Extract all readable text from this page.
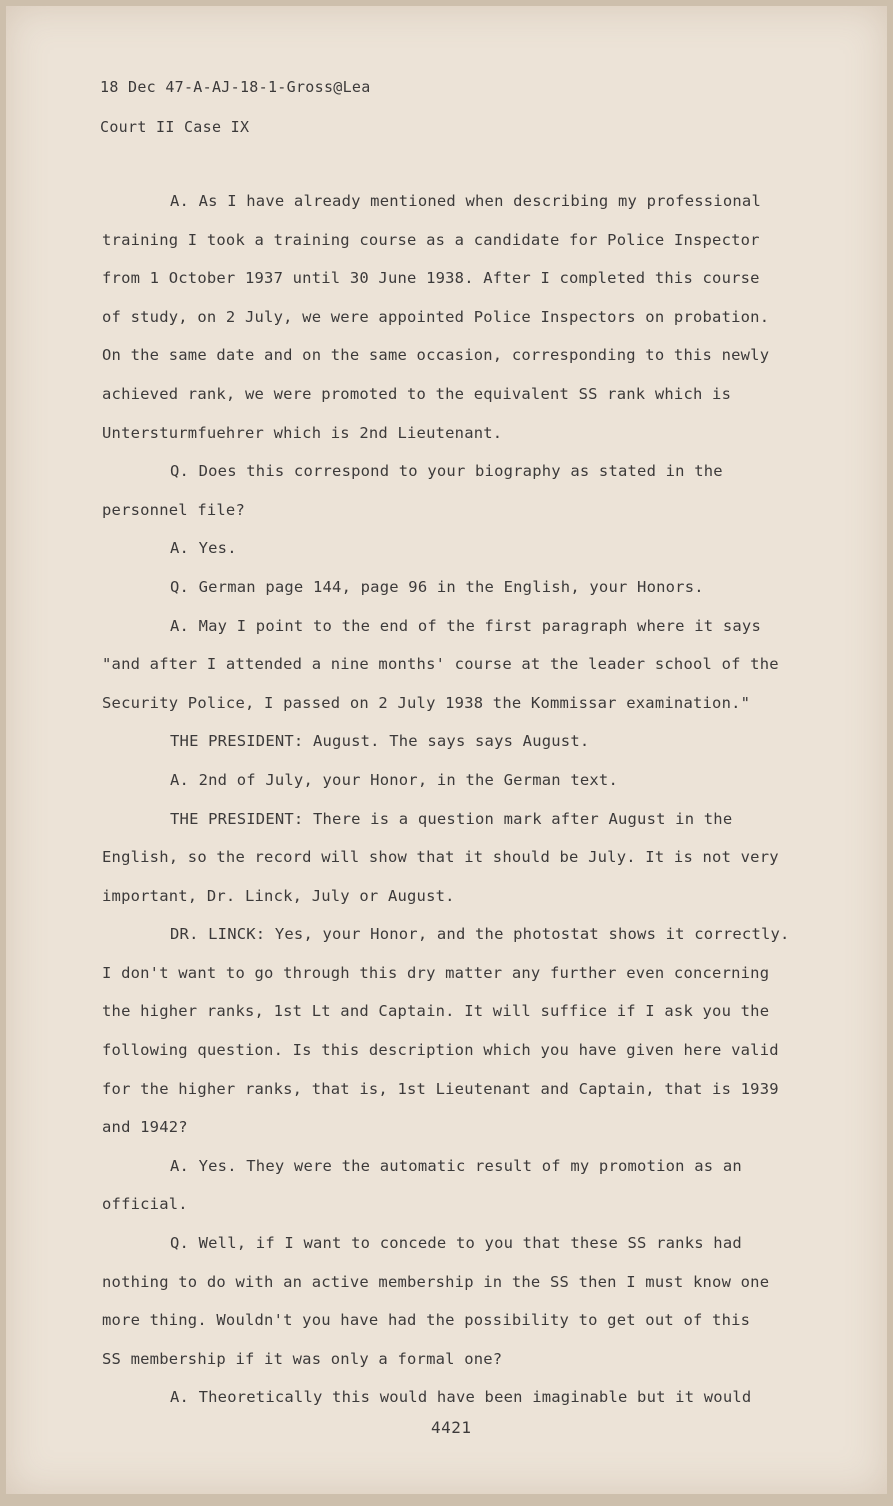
18 Dec 47-A-AJ-18-1-Gross@Lea
Court II Case IX
A. As I have already mentioned when describing my professional
training I took a training course as a candidate for Police Inspector
from 1 October 1937 until 30 June 1938. After I completed this course
of study, on 2 July, we were appointed Police Inspectors on probation.
On the same date and on the same occasion, corresponding to this newly
achieved rank, we were promoted to the equivalent SS rank which is
Untersturmfuehrer which is 2nd Lieutenant.
Q. Does this correspond to your biography as stated in the
personnel file?
A. Yes.
Q. German page 144, page 96 in the English, your Honors.
A. May I point to the end of the first paragraph where it says
"and after I attended a nine months' course at the leader school of the
Security Police, I passed on 2 July 1938 the Kommissar examination."
THE PRESIDENT: August. The says says August.
A. 2nd of July, your Honor, in the German text.
THE PRESIDENT: There is a question mark after August in the
English, so the record will show that it should be July. It is not very
important, Dr. Linck, July or August.
DR. LINCK: Yes, your Honor, and the photostat shows it correctly.
I don't want to go through this dry matter any further even concerning
the higher ranks, 1st Lt and Captain. It will suffice if I ask you the
following question. Is this description which you have given here valid
for the higher ranks, that is, 1st Lieutenant and Captain, that is 1939
and 1942?
A. Yes. They were the automatic result of my promotion as an
official.
Q. Well, if I want to concede to you that these SS ranks had
nothing to do with an active membership in the SS then I must know one
more thing. Wouldn't you have had the possibility to get out of this
SS membership if it was only a formal one?
A. Theoretically this would have been imaginable but it would
4421
